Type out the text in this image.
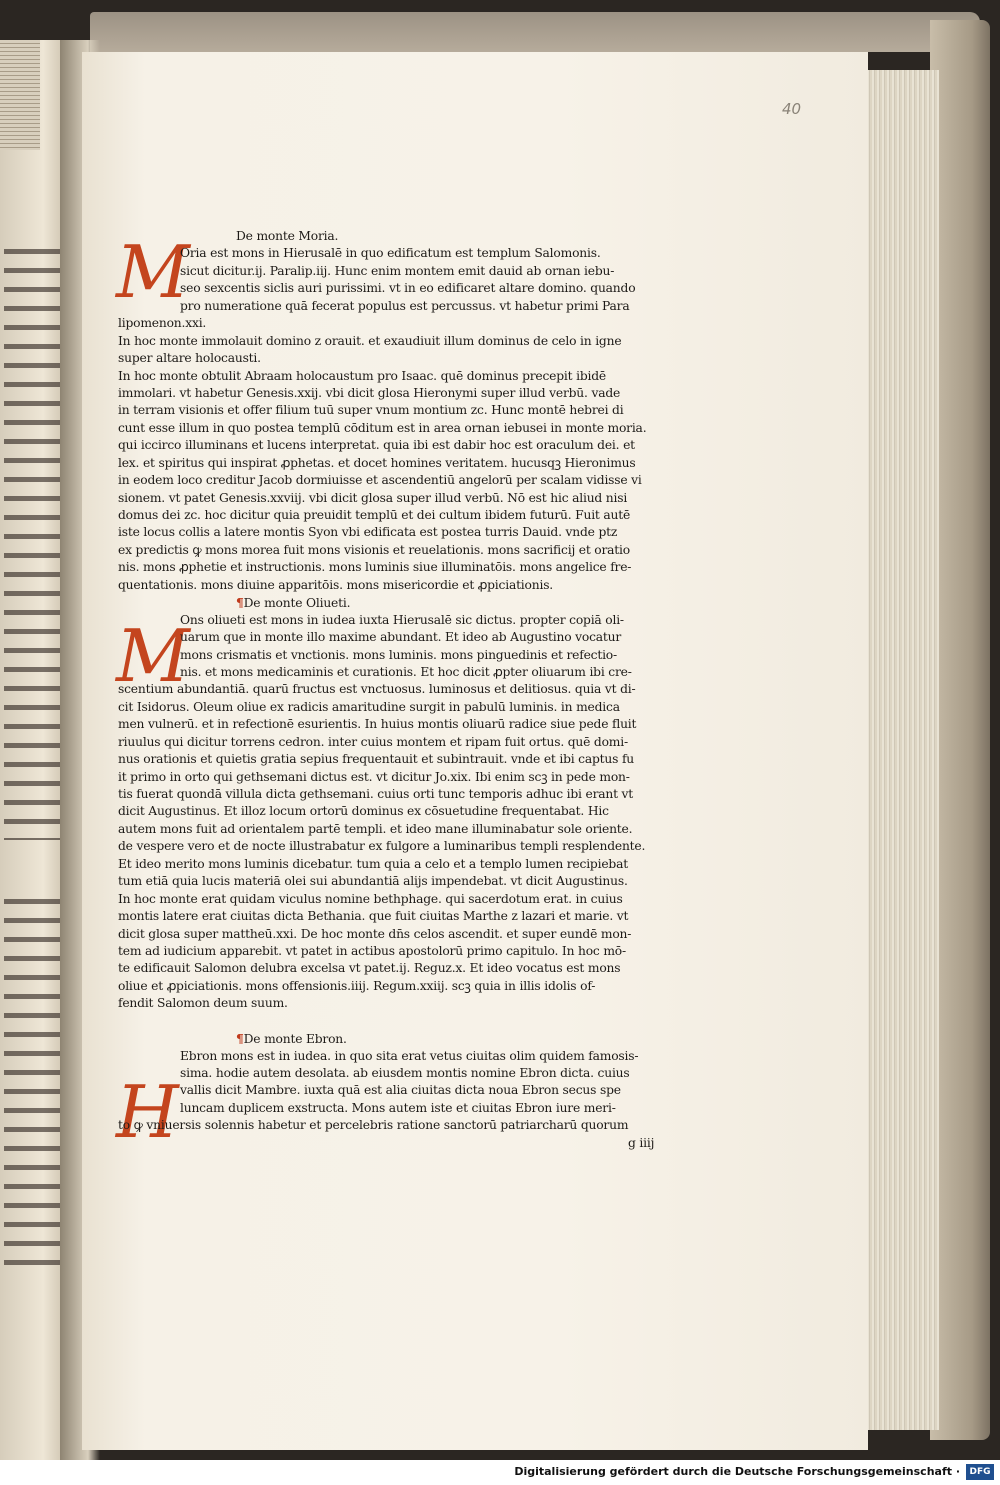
40
M
M
H
De monte Moria.
Oria est mons in Hierusalē in quo edificatum est templum Salomonis.
sicut dicitur.ij. Paralip.iij. Hunc enim montem emit dauid ab ornan iebu-
seo sexcentis siclis auri purissimi. vt in eo edificaret altare domino. quando
pro numeratione quā fecerat populus est percussus. vt habetur primi Para
lipomenon.xxi.
In hoc monte immolauit domino z orauit. et exaudiuit illum dominus de celo in igne
super altare holocausti.
In hoc monte obtulit Abraam holocaustum pro Isaac. quē dominus precepit ibidē
immolari. vt habetur Genesis.xxij. vbi dicit glosa Hieronymi super illud verbū. vade
in terram visionis et offer filium tuū super vnum montium zc. Hunc montē hebrei di
cunt esse illum in quo postea templū cōditum est in area ornan iebusei in monte moria.
qui iccirco illuminans et lucens interpretat. quia ibi est dabir hoc est oraculum dei. et
lex. et spiritus qui inspirat ꝓphetas. et docet homines veritatem. hucusqꝫ Hieronimus
in eodem loco creditur Jacob dormiuisse et ascendentiū angelorū per scalam vidisse vi
sionem. vt patet Genesis.xxviij. vbi dicit glosa super illud verbū. Nō est hic aliud nisi
domus dei zc. hoc dicitur quia preuidit templū et dei cultum ibidem futurū. Fuit autē
iste locus collis a latere montis Syon vbi edificata est postea turris Dauid. vnde ptz
ex predictis ꝙ mons morea fuit mons visionis et reuelationis. mons sacrificij et oratio
nis. mons ꝓphetie et instructionis. mons luminis siue illuminatōis. mons angelice fre-
quentationis. mons diuine apparitōis. mons misericordie et ꝓpiciationis.
¶De monte Oliueti.
Ons oliueti est mons in iudea iuxta Hierusalē sic dictus. propter copiā oli-
uarum que in monte illo maxime abundant. Et ideo ab Augustino vocatur
mons crismatis et vnctionis. mons luminis. mons pinguedinis et refectio-
nis. et mons medicaminis et curationis. Et hoc dicit ꝓpter oliuarum ibi cre-
scentium abundantiā. quarū fructus est vnctuosus. luminosus et delitiosus. quia vt di-
cit Isidorus. Oleum oliue ex radicis amaritudine surgit in pabulū luminis. in medica
men vulnerū. et in refectionē esurientis. In huius montis oliuarū radice siue pede fluit
riuulus qui dicitur torrens cedron. inter cuius montem et ripam fuit ortus. quē domi-
nus orationis et quietis gratia sepius frequentauit et subintrauit. vnde et ibi captus fu
it primo in orto qui gethsemani dictus est. vt dicitur Jo.xix. Ibi enim scꝫ in pede mon-
tis fuerat quondā villula dicta gethsemani. cuius orti tunc temporis adhuc ibi erant vt
dicit Augustinus. Et illoz locum ortorū dominus ex cōsuetudine frequentabat. Hic
autem mons fuit ad orientalem partē templi. et ideo mane illuminabatur sole oriente.
de vespere vero et de nocte illustrabatur ex fulgore a luminaribus templi resplendente.
Et ideo merito mons luminis dicebatur. tum quia a celo et a templo lumen recipiebat
tum etiā quia lucis materiā olei sui abundantiā alijs impendebat. vt dicit Augustinus.
In hoc monte erat quidam viculus nomine bethphage. qui sacerdotum erat. in cuius
montis latere erat ciuitas dicta Bethania. que fuit ciuitas Marthe z lazari et marie. vt
dicit glosa super mattheū.xxi. De hoc monte dn̄s celos ascendit. et super eundē mon-
tem ad iudicium apparebit. vt patet in actibus apostolorū primo capitulo. In hoc mō-
te edificauit Salomon delubra excelsa vt patet.ij. Reguz.x. Et ideo vocatus est mons
oliue et ꝓpiciationis. mons offensionis.iiij. Regum.xxiij. scꝫ quia in illis idolis of-
fendit Salomon deum suum.
¶De monte Ebron.
Ebron mons est in iudea. in quo sita erat vetus ciuitas olim quidem famosis-
sima. hodie autem desolata. ab eiusdem montis nomine Ebron dicta. cuius
vallis dicit Mambre. iuxta quā est alia ciuitas dicta noua Ebron secus spe
luncam duplicem exstructa. Mons autem iste et ciuitas Ebron iure meri-
to ꝙ vniuersis solennis habetur et percelebris ratione sanctorū patriarcharū quorum
g iiij
Digitalisierung gefördert durch die Deutsche Forschungsgemeinschaft ·	DFG
